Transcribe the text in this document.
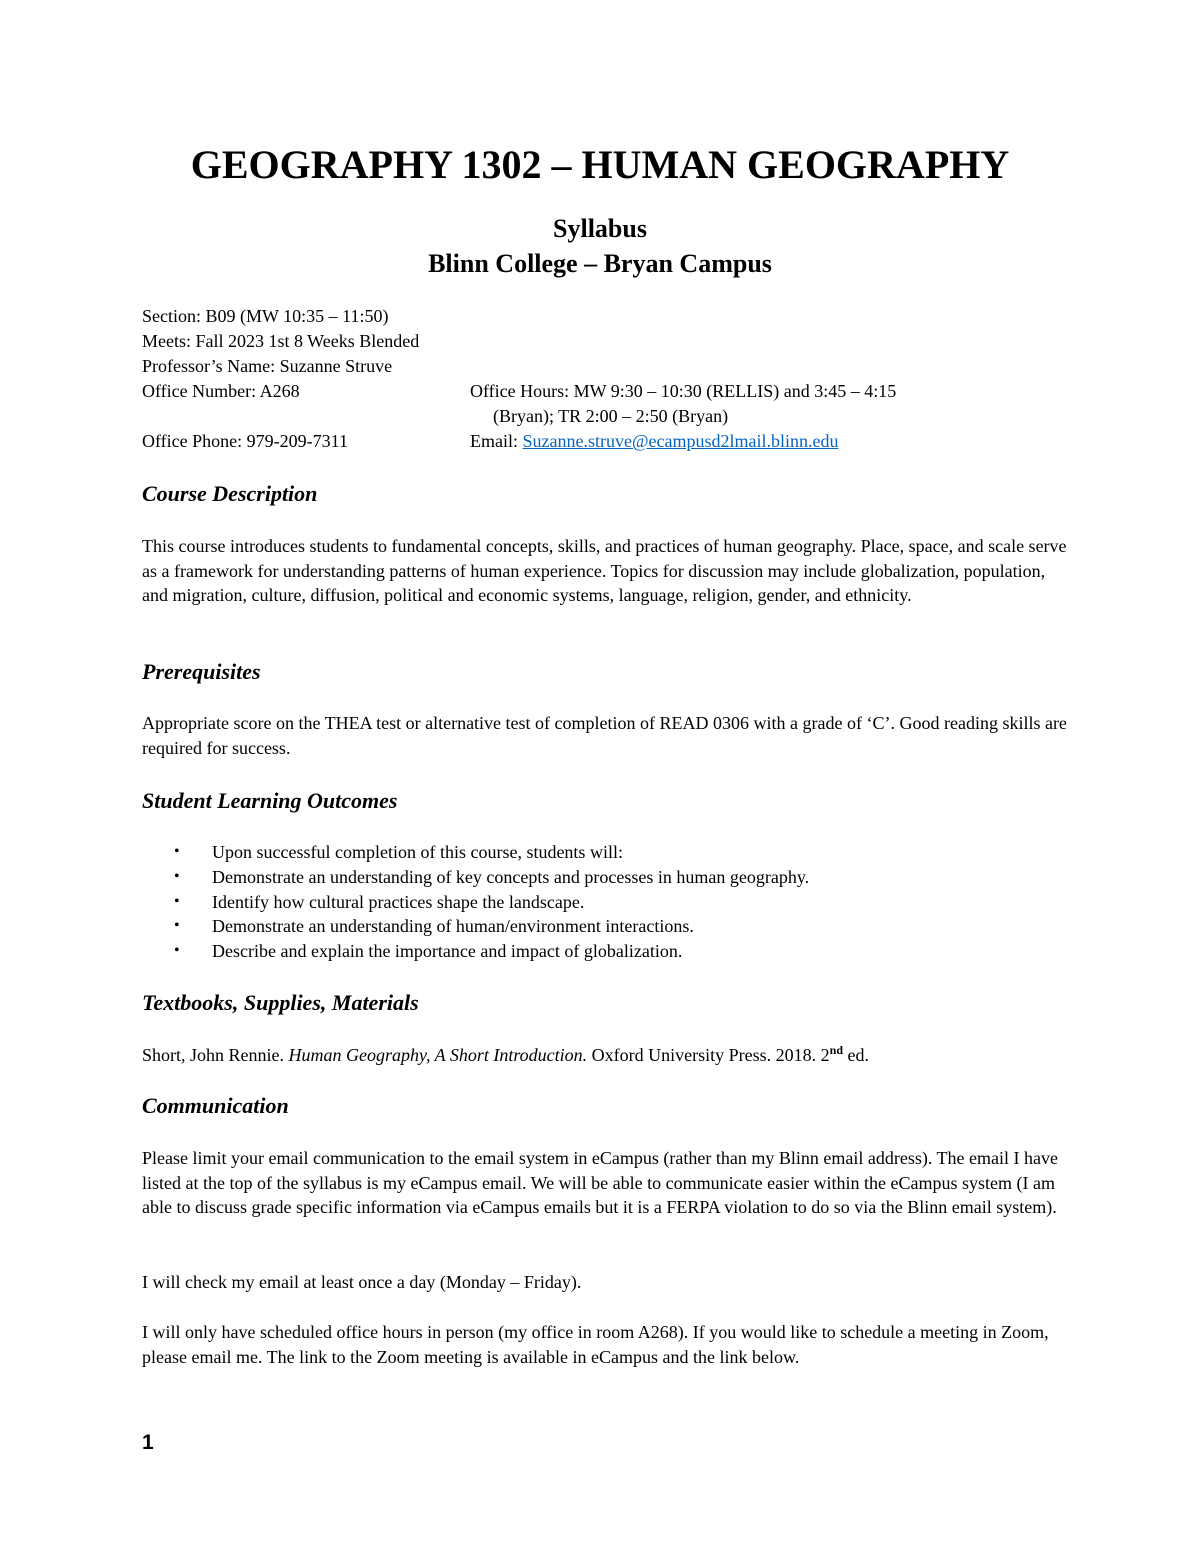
GEOGRAPHY 1302 – HUMAN GEOGRAPHY

Syllabus

Blinn College – Bryan Campus

Section: B09 (MW 10:35 – 11:50)

Meets: Fall 2023 1st 8 Weeks Blended

Professor’s Name: Suzanne Struve

Office Number: A268	Office Hours: MW 9:30 – 10:30 (RELLIS) and 3:45 – 4:15

(Bryan); TR 2:00 – 2:50 (Bryan)

Office Phone: 979-209-7311	Email: Suzanne.struve@ecampusd2lmail.blinn.edu

Course Description

This course introduces students to fundamental concepts, skills, and practices of human geography. Place, space, and scale serve as a framework for understanding patterns of human experience. Topics for discussion may include globalization, population, and migration, culture, diffusion, political and economic systems, language, religion, gender, and ethnicity.

Prerequisites

Appropriate score on the THEA test or alternative test of completion of READ 0306 with a grade of ‘C’. Good reading skills are required for success.

Student Learning Outcomes
• Upon successful completion of this course, students will:
• Demonstrate an understanding of key concepts and processes in human geography.
• Identify how cultural practices shape the landscape.
• Demonstrate an understanding of human/environment interactions.
• Describe and explain the importance and impact of globalization.
Textbooks, Supplies, Materials

Short, John Rennie. Human Geography, A Short Introduction. Oxford University Press. 2018. 2nd ed.

Communication

Please limit your email communication to the email system in eCampus (rather than my Blinn email address). The email I have listed at the top of the syllabus is my eCampus email. We will be able to communicate easier within the eCampus system (I am able to discuss grade specific information via eCampus emails but it is a FERPA violation to do so via the Blinn email system).

I will check my email at least once a day (Monday – Friday).

I will only have scheduled office hours in person (my office in room A268). If you would like to schedule a meeting in Zoom, please email me. The link to the Zoom meeting is available in eCampus and the link below.

1
